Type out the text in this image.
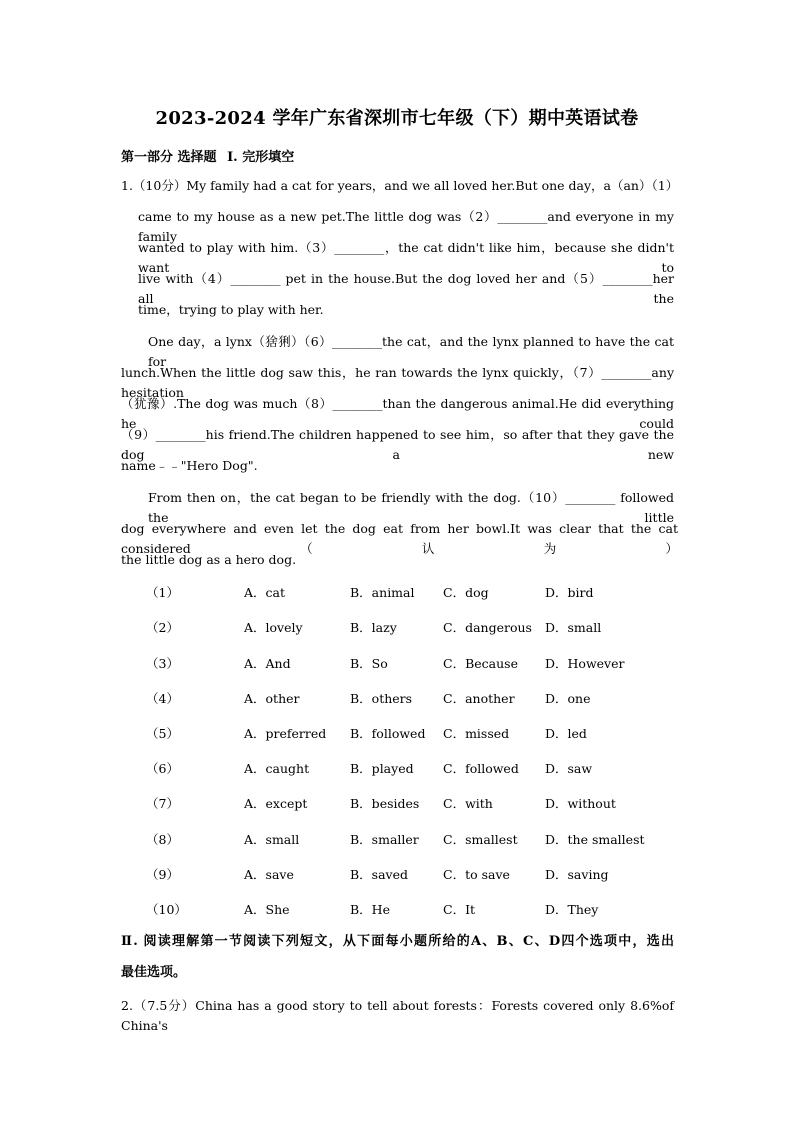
2023-2024 学年广东省深圳市七年级（下）期中英语试卷
第一部分 选择题 Ⅰ. 完形填空
1.（10分）My family had a cat for years，and we all loved her.But one day，a（an）（1）
came to my house as a new pet.The little dog was（2）________and everyone in my family
wanted to play with him.（3）________，the cat didn't like him，because she didn't want to
live with（4）________ pet in the house.But the dog loved her and（5）________her all the
time，trying to play with her.
One day，a lynx（猞猁）（6）________the cat，and the lynx planned to have the cat for
lunch.When the little dog saw this，he ran towards the lynx quickly，（7）________any hesitation
（犹豫）.The dog was much（8）________than the dangerous animal.He did everything he could
（9）________his friend.The children happened to see him，so after that they gave the dog a new
name﹣﹣"Hero Dog".
From then on，the cat began to be friendly with the dog.（10）________ followed the little
dog everywhere and even let the dog eat from her bowl.It was clear that the cat considered（认为）
the little dog as a hero dog.
（1）	A．cat	B．animal C．dog	D．bird
（2）	A．lovely	B．lazy	C．dangerous D．small
（3）	A．And	B．So	C．Because D．However
（4）	A．other	B．others C．another D．one
（5）	A．preferred B．followed C．missed	D．led
（6）	A．caught	B．played C．followed D．saw
（7）	A．except	B．besides C．with	D．without
（8）	A．small	B．smaller C．smallest D．the smallest
（9）	A．save	B．saved	C．to save	D．saving
（10）	A．She	B．He	C．It	D．They
Ⅱ. 阅读理解第一节阅读下列短文，从下面每小题所给的A、B、C、D四个选项中，选出
最佳选项。
2.（7.5分）China has a good story to tell about forests：Forests covered only 8.6%of China's
